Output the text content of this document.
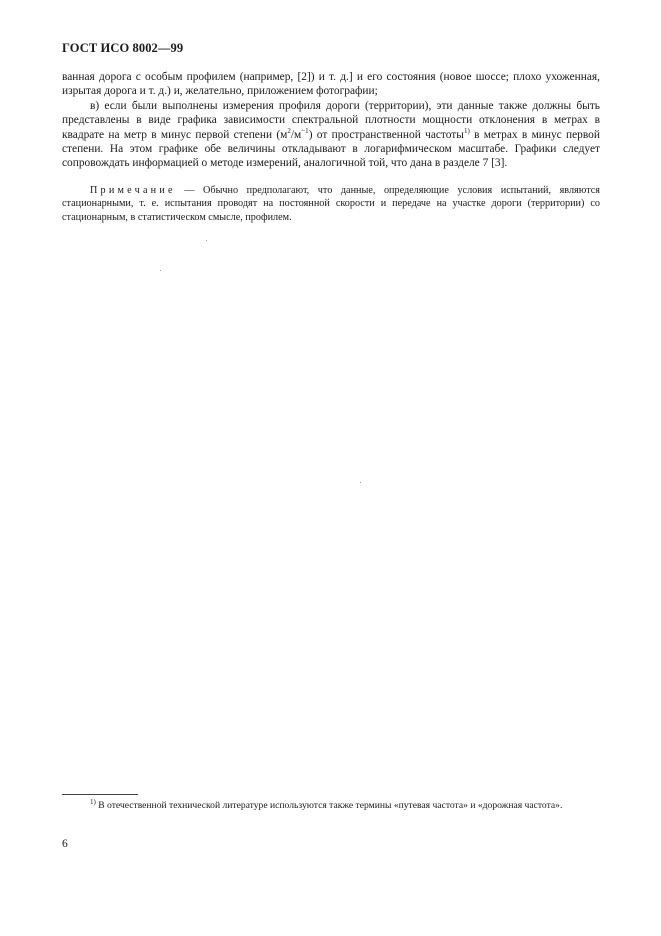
ГОСТ ИСО 8002—99

ванная дорога с особым профилем (например, [2]) и т. д.] и его состояния (новое шоссе; плохо ухоженная, изрытая дорога и т. д.) и, желательно, приложением фотографии;

в) если были выполнены измерения профиля дороги (территории), эти данные также должны быть представлены в виде графика зависимости спектральной плотности мощности отклонения в метрах в квадрате на метр в минус первой степени $(м^2/м^{-1})$ от пространственной частоты$^{1)}$ в метрах в минус первой степени. На этом графике обе величины откладывают в логарифмическом масштабе. Графики следует сопровождать информацией о методе измерений, аналогичной той, что дана в разделе 7 [3].

Примечание — Обычно предполагают, что данные, определяющие условия испытаний, являются стационарными, т. е. испытания проводят на постоянной скорости и передаче на участке дороги (территории) со стационарным, в статистическом смысле, профилем.

$^{1)}$ В отечественной технической литературе используются также термины «путевая частота» и «дорожная частота».

6
